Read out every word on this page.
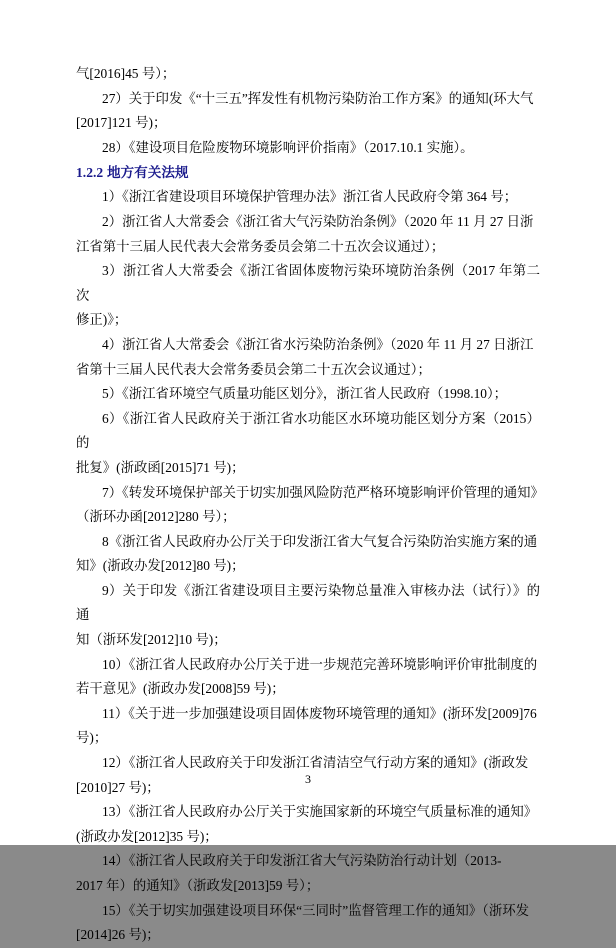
气[2016]45 号）；

27）关于印发《“十三五”挥发性有机物污染防治工作方案》的通知(环大气

[2017]121 号)；

28）《建设项目危险废物环境影响评价指南》（2017.10.1 实施）。

1.2.2 地方有关法规

1）《浙江省建设项目环境保护管理办法》浙江省人民政府令第 364 号；

2）浙江省人大常委会《浙江省大气污染防治条例》（2020 年 11 月 27 日浙

江省第十三届人民代表大会常务委员会第二十五次会议通过）；

3）浙江省人大常委会《浙江省固体废物污染环境防治条例（2017 年第二次

修正)》；

4）浙江省人大常委会《浙江省水污染防治条例》（2020 年 11 月 27 日浙江

省第十三届人民代表大会常务委员会第二十五次会议通过）；

5）《浙江省环境空气质量功能区划分》，浙江省人民政府（1998.10）；

6）《浙江省人民政府关于浙江省水功能区水环境功能区划分方案（2015）的

批复》(浙政函[2015]71 号)；

7）《转发环境保护部关于切实加强风险防范严格环境影响评价管理的通知》

（浙环办函[2012]280 号）；

8《浙江省人民政府办公厅关于印发浙江省大气复合污染防治实施方案的通

知》(浙政办发[2012]80 号)；

9）关于印发《浙江省建设项目主要污染物总量准入审核办法（试行）》的通

知（浙环发[2012]10 号)；

10）《浙江省人民政府办公厅关于进一步规范完善环境影响评价审批制度的

若干意见》(浙政办发[2008]59 号)；

11）《关于进一步加强建设项目固体废物环境管理的通知》(浙环发[2009]76

号)；

12）《浙江省人民政府关于印发浙江省清洁空气行动方案的通知》(浙政发

[2010]27 号)；

13）《浙江省人民政府办公厅关于实施国家新的环境空气质量标准的通知》

(浙政办发[2012]35 号)；

14）《浙江省人民政府关于印发浙江省大气污染防治行动计划（2013-

2017 年）的通知》（浙政发[2013]59 号）；

15）《关于切实加强建设项目环保“三同时”监督管理工作的通知》（浙环发

[2014]26 号)；

3
